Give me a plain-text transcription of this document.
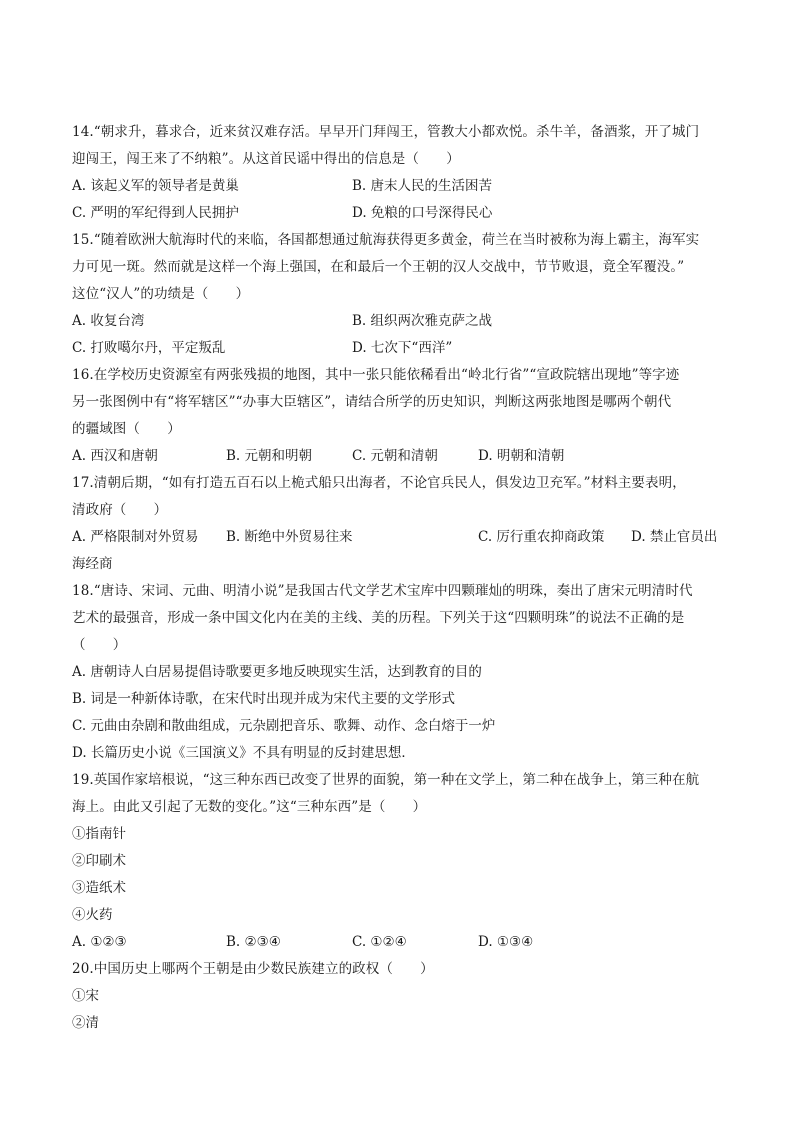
14.“朝求升，暮求合，近来贫汉难存活。早早开门拜闯王，管教大小都欢悦。杀牛羊，备酒浆，开了城门
迎闯王，闯王来了不纳粮”。从这首民谣中得出的信息是（　　）
A. 该起义军的领导者是黄巢	B. 唐末人民的生活困苦
C. 严明的军纪得到人民拥护	D. 免粮的口号深得民心
15.“随着欧洲大航海时代的来临，各国都想通过航海获得更多黄金，荷兰在当时被称为海上霸主，海军实
力可见一斑。然而就是这样一个海上强国，在和最后一个王朝的汉人交战中，节节败退，竟全军覆没。”
这位“汉人”的功绩是（　　）
A. 收复台湾	B. 组织两次雅克萨之战
C. 打败噶尔丹，平定叛乱	D. 七次下“西洋”
16.在学校历史资源室有两张残损的地图，其中一张只能依稀看出“岭北行省”“宣政院辖出现地”等字迹
另一张图例中有“将军辖区”“办事大臣辖区”，请结合所学的历史知识，判断这两张地图是哪两个朝代
的疆域图（　　）
A. 西汉和唐朝	B. 元朝和明朝	C. 元朝和清朝	D. 明朝和清朝
17.清朝后期，“如有打造五百石以上桅式船只出海者，不论官兵民人，俱发边卫充军。”材料主要表明，
清政府（　　）
A. 严格限制对外贸易 B. 断绝中外贸易往来	C. 厉行重农抑商政策 D. 禁止官员出
海经商
18.“唐诗、宋词、元曲、明清小说”是我国古代文学艺术宝库中四颗璀灿的明珠，奏出了唐宋元明清时代
艺术的最强音，形成一条中国文化内在美的主线、美的历程。下列关于这“四颗明珠”的说法不正确的是
（　　）
A. 唐朝诗人白居易提倡诗歌要更多地反映现实生活，达到教育的目的
B. 词是一种新体诗歌，在宋代时出现并成为宋代主要的文学形式
C. 元曲由杂剧和散曲组成，元杂剧把音乐、歌舞、动作、念白熔于一炉
D. 长篇历史小说《三国演义》不具有明显的反封建思想．
19.英国作家培根说，“这三种东西已改变了世界的面貌，第一种在文学上，第二种在战争上，第三种在航
海上。由此又引起了无数的变化。”这“三种东西”是（　　）
①指南针
②印刷术
③造纸术
④火药
A. ①②③	B. ②③④	C. ①②④	D. ①③④
20.中国历史上哪两个王朝是由少数民族建立的政权（　　）
①宋
②清
